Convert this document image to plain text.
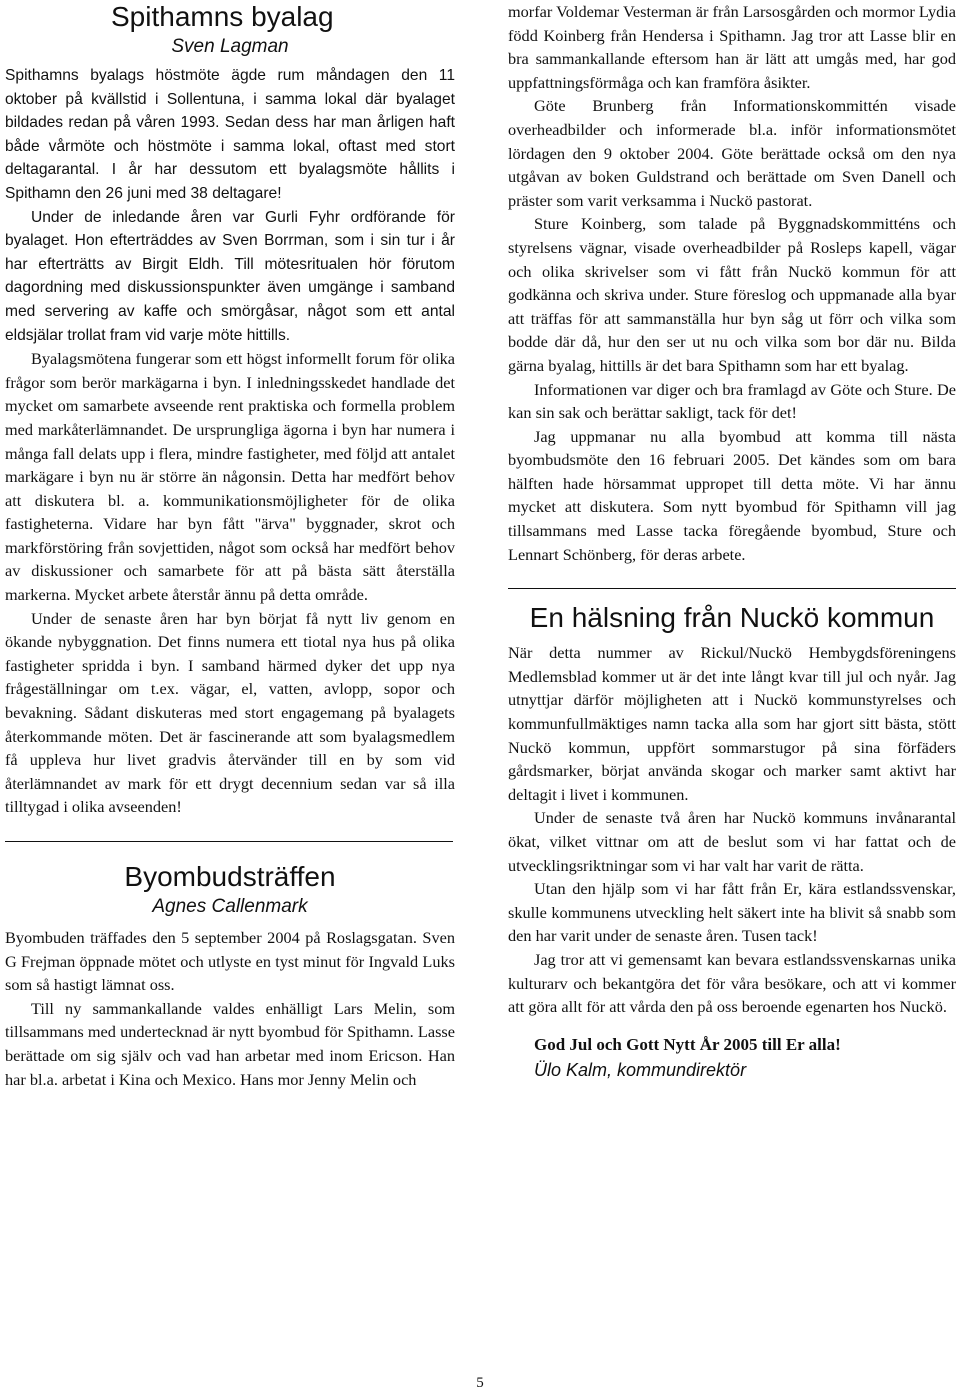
Spithamns byalag
Sven Lagman

Spithamns byalags höstmöte ägde rum måndagen den 11 oktober på kvällstid i Sollentuna, i samma lokal där byalaget bildades redan på våren 1993. Sedan dess har man årligen haft både vårmöte och höstmöte i samma lokal, oftast med stort deltagarantal. I år har dessutom ett byalagsmöte hållits i Spithamn den 26 juni med 38 deltagare!

Under de inledande åren var Gurli Fyhr ordförande för byalaget. Hon efterträddes av Sven Borrman, som i sin tur i år har efterträtts av Birgit Eldh. Till mötesritualen hör förutom dagordning med diskussionspunkter även umgänge i samband med servering av kaffe och smörgåsar, något som ett antal eldsjälar trollat fram vid varje möte hittills.

Byalagsmötena fungerar som ett högst informellt forum för olika frågor som berör markägarna i byn. I inledningsskedet handlade det mycket om samarbete avseende rent praktiska och formella problem med markåterlämnandet. De ursprungliga ägorna i byn har numera i många fall delats upp i flera, mindre fastigheter, med följd att antalet markägare i byn nu är större än någonsin. Detta har medfört behov att diskutera bl. a. kommunikationsmöjligheter för de olika fastigheterna. Vidare har byn fått "ärva" byggnader, skrot och markförstöring från sovjettiden, något som också har medfört behov av diskussioner och samarbete för att på bästa sätt återställa markerna. Mycket arbete återstår ännu på detta område.

Under de senaste åren har byn börjat få nytt liv genom en ökande nybyggnation. Det finns numera ett tiotal nya hus på olika fastigheter spridda i byn. I samband härmed dyker det upp nya frågeställningar om t.ex. vägar, el, vatten, avlopp, sopor och bevakning. Sådant diskuteras med stort engagemang på byalagets återkommande möten. Det är fascinerande att som byalagsmedlem få uppleva hur livet gradvis återvänder till en by som vid återlämnandet av mark för ett drygt decennium sedan var så illa tilltygad i olika avseenden!

Byombudsträffen
Agnes Callenmark

Byombuden träffades den 5 september 2004 på Roslagsgatan. Sven G Frejman öppnade mötet och utlyste en tyst minut för Ingvald Luks som så hastigt lämnat oss.

Till ny sammankallande valdes enhälligt Lars Melin, som tillsammans med undertecknad är nytt byombud för Spithamn. Lasse berättade om sig själv och vad han arbetar med inom Ericson. Han har bl.a. arbetat i Kina och Mexico. Hans mor Jenny Melin och

morfar Voldemar Vesterman är från Larsosgården och mormor Lydia född Koinberg från Hendersa i Spithamn. Jag tror att Lasse blir en bra sammankallande eftersom han är lätt att umgås med, har god uppfattningsförmåga och kan framföra åsikter.

Göte Brunberg från Informationskommittén visade overheadbilder och informerade bl.a. inför informationsmötet lördagen den 9 oktober 2004. Göte berättade också om den nya utgåvan av boken Guldstrand och berättade om Sven Danell och präster som varit verksamma i Nuckö pastorat.

Sture Koinberg, som talade på Byggnadskommitténs och styrelsens vägnar, visade overheadbilder på Rosleps kapell, vägar och olika skrivelser som vi fått från Nuckö kommun för att godkänna och skriva under. Sture föreslog och uppmanade alla byar att träffas för att sammanställa hur byn såg ut förr och vilka som bodde där då, hur den ser ut nu och vilka som bor där nu. Bilda gärna byalag, hittills är det bara Spithamn som har ett byalag.

Informationen var diger och bra framlagd av Göte och Sture. De kan sin sak och berättar sakligt, tack för det!

Jag uppmanar nu alla byombud att komma till nästa byombudsmöte den 16 februari 2005. Det kändes som om bara hälften hade hörsammat uppropet till detta möte. Vi har ännu mycket att diskutera. Som nytt byombud för Spithamn vill jag tillsammans med Lasse tacka föregående byombud, Sture och Lennart Schönberg, för deras arbete.

En hälsning från Nuckö kommun

När detta nummer av Rickul/Nuckö Hembygdsföreningens Medlemsblad kommer ut är det inte långt kvar till jul och nyår. Jag utnyttjar därför möjligheten att i Nuckö kommunstyrelses och kommunfullmäktiges namn tacka alla som har gjort sitt bästa, stött Nuckö kommun, uppfört sommarstugor på sina förfäders gårdsmarker, börjat använda skogar och marker samt aktivt har deltagit i livet i kommunen.

Under de senaste två åren har Nuckö kommuns invånarantal ökat, vilket vittnar om att de beslut som vi har fattat och de utvecklingsriktningar som vi har valt har varit de rätta.

Utan den hjälp som vi har fått från Er, kära estlandssvenskar, skulle kommunens utveckling helt säkert inte ha blivit så snabb som den har varit under de senaste åren. Tusen tack!

Jag tror att vi gemensamt kan bevara estlandssvenskarnas unika kulturarv och bekantgöra det för våra besökare, och att vi kommer att göra allt för att vårda den på oss beroende egenarten hos Nuckö.

God Jul och Gott Nytt År 2005 till Er alla!
Ülo Kalm, kommundirektör
5
